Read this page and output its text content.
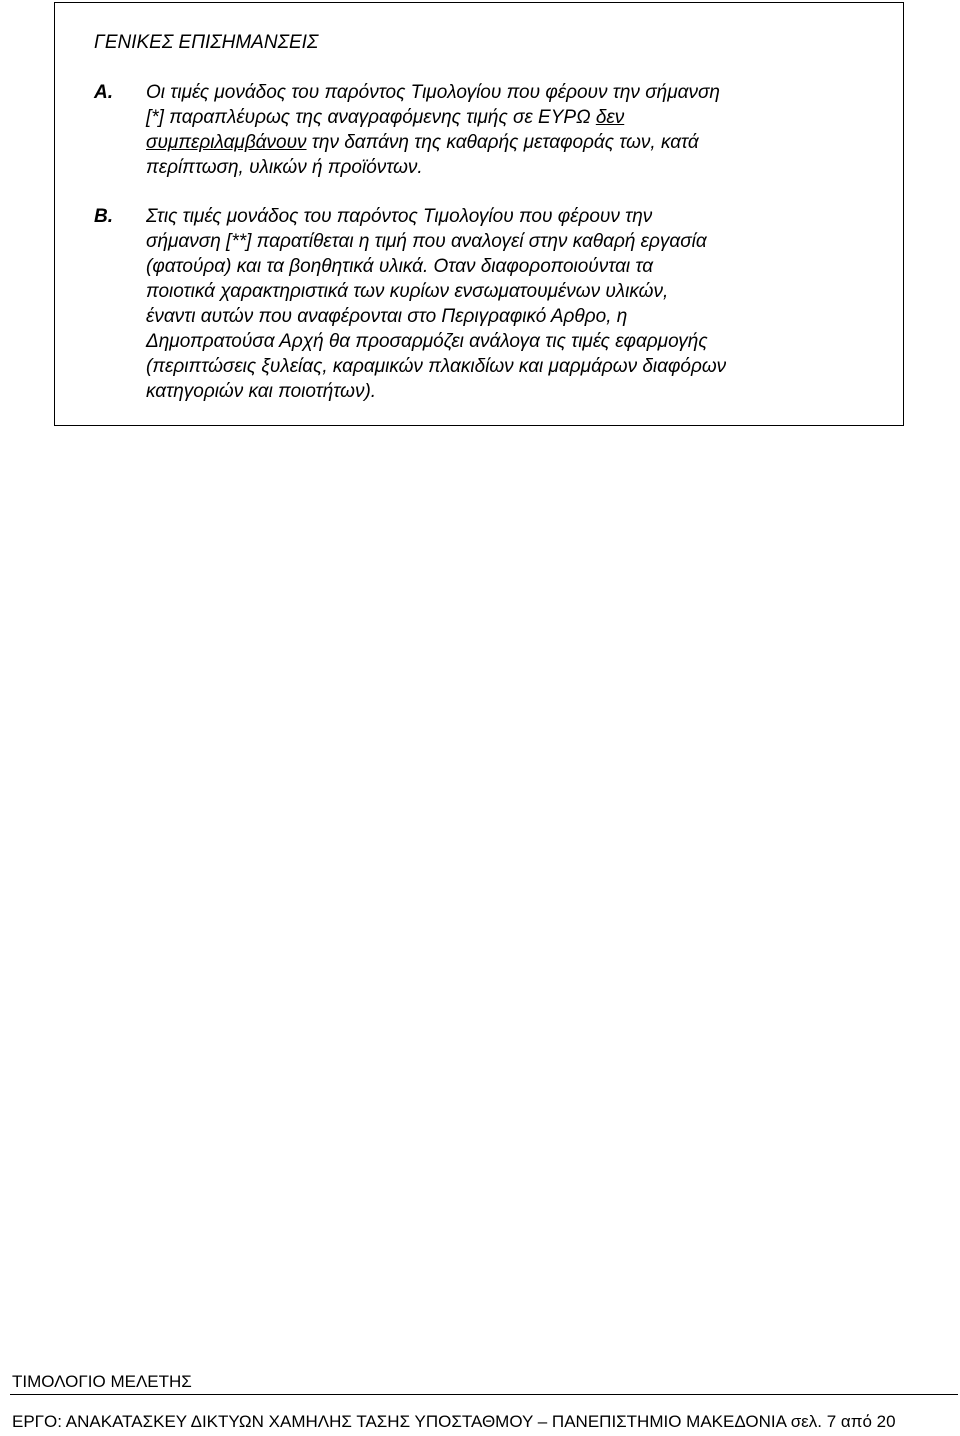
ΓΕΝΙΚΕΣ ΕΠΙΣΗΜΑΝΣΕΙΣ
Α. Οι τιμές μονάδος του παρόντος Τιμολογίου που φέρουν την σήμανση
[*] παραπλέυρως της αναγραφόμενης τιμής σε ΕΥΡΩ δεν
συμπεριλαμβάνουν την δαπάνη της καθαρής μεταφοράς των, κατά
περίπτωση, υλικών ή προϊόντων.
Β. Στις τιμές μονάδος του παρόντος Τιμολογίου που φέρουν την
σήμανση [**] παρατίθεται η τιμή που αναλογεί στην καθαρή εργασία
(φατούρα) και τα βοηθητικά υλικά. Οταν διαφοροποιούνται τα
ποιοτικά χαρακτηριστικά των κυρίων ενσωματουμένων υλικών,
έναντι αυτών που αναφέρονται στο Περιγραφικό Αρθρο, η
Δημοπρατούσα Αρχή θα προσαρμόζει ανάλογα τις τιμές εφαρμογής
(περιπτώσεις ξυλείας, καραμικών πλακιδίων και μαρμάρων διαφόρων
κατηγοριών και ποιοτήτων).
ΤΙΜΟΛΟΓΙΟ ΜΕΛΕΤΗΣ
ΕΡΓΟ: ΑΝΑΚΑΤΑΣΚΕΥ ΔΙΚΤΥΩΝ ΧΑΜΗΛΗΣ ΤΑΣΗΣ ΥΠΟΣΤΑΘΜΟΥ – ΠΑΝΕΠΙΣΤΗΜΙΟ ΜΑΚΕΔΟΝΙΑ σελ. 7 από 20
